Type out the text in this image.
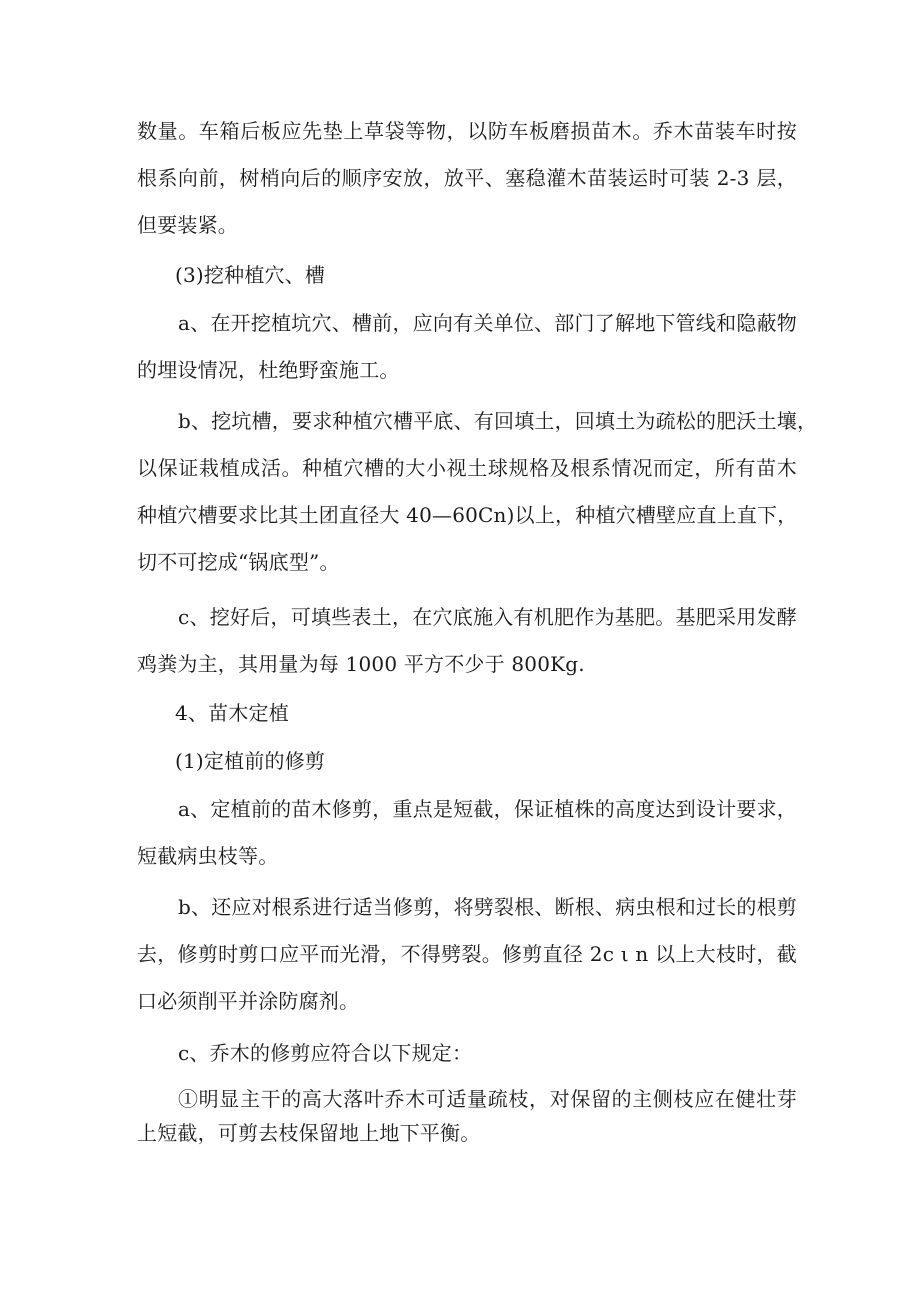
数量。车箱后板应先垫上草袋等物，以防车板磨损苗木。乔木苗装车时按
根系向前，树梢向后的顺序安放，放平、塞稳灌木苗装运时可装 2-3 层，
但要装紧。
(3)挖种植穴、槽
a、在开挖植坑穴、槽前，应向有关单位、部门了解地下管线和隐蔽物
的埋设情况，杜绝野蛮施工。
b、挖坑槽，要求种植穴槽平底、有回填土，回填土为疏松的肥沃土壤，
以保证栽植成活。种植穴槽的大小视土球规格及根系情况而定，所有苗木
种植穴槽要求比其土团直径大 40—60Cn)以上，种植穴槽壁应直上直下，
切不可挖成“锅底型”。
c、挖好后，可填些表土，在穴底施入有机肥作为基肥。基肥采用发酵
鸡粪为主，其用量为每 1000 平方不少于 800Kg.
4、苗木定植
(1)定植前的修剪
a、定植前的苗木修剪，重点是短截，保证植株的高度达到设计要求，
短截病虫枝等。
b、还应对根系进行适当修剪，将劈裂根、断根、病虫根和过长的根剪
去，修剪时剪口应平而光滑，不得劈裂。修剪直径 2c ι n 以上大枝时，截
口必须削平并涂防腐剂。
c、乔木的修剪应符合以下规定：
①明显主干的高大落叶乔木可适量疏枝，对保留的主侧枝应在健壮芽
上短截，可剪去枝保留地上地下平衡。
